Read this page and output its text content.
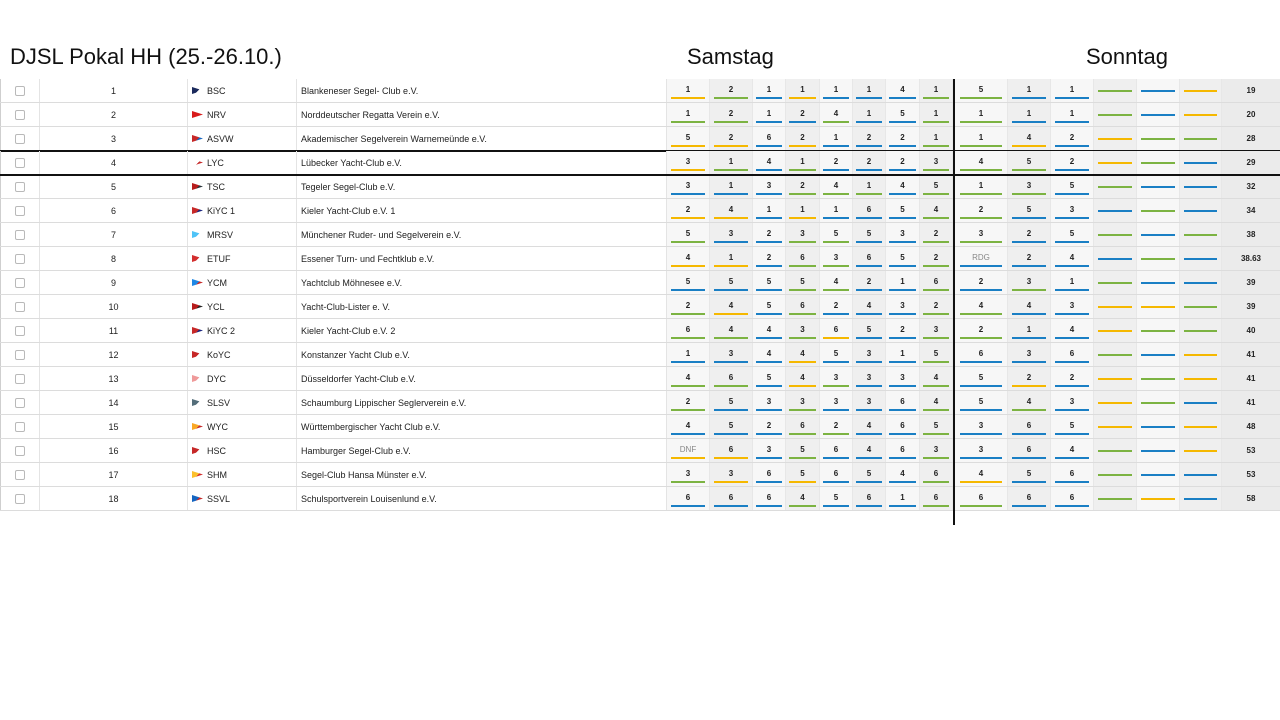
DJSL Pokal HH (25.-26.10.)	Samstag	Sonntag
1	BSC	Blankeneser Segel- Club e.V.	1	2	1	1	1	1	4	1	5	1	1	19
2	NRV	Norddeutscher Regatta Verein e.V.	1	2	1	2	4	1	5	1	1	1	1	20
3	ASVW	Akademischer Segelverein Warnemeünde e.V.	5	2	6	2	1	2	2	1	1	4	2	28
4	LYC	Lübecker Yacht-Club e.V.	3	1	4	1	2	2	2	3	4	5	2	29
5	TSC	Tegeler Segel-Club e.V.	3	1	3	2	4	1	4	5	1	3	5	32
6	KiYC 1	Kieler Yacht-Club e.V. 1	2	4	1	1	1	6	5	4	2	5	3	34
7	MRSV	Münchener Ruder- und Segelverein e.V.	5	3	2	3	5	5	3	2	3	2	5	38
8	ETUF	Essener Turn- und Fechtklub e.V.	4	1	2	6	3	6	5	2	RDG	2	4	38.63
9	YCM	Yachtclub Möhnesee e.V.	5	5	5	5	4	2	1	6	2	3	1	39
10	YCL	Yacht-Club-Lister e. V.	2	4	5	6	2	4	3	2	4	4	3	39
11	KiYC 2	Kieler Yacht-Club e.V. 2	6	4	4	3	6	5	2	3	2	1	4	40
12	KoYC	Konstanzer Yacht Club e.V.	1	3	4	4	5	3	1	5	6	3	6	41
13	DYC	Düsseldorfer Yacht-Club e.V.	4	6	5	4	3	3	3	4	5	2	2	41
14	SLSV	Schaumburg Lippischer Seglerverein e.V.	2	5	3	3	3	3	6	4	5	4	3	41
15	WYC	Württembergischer Yacht Club e.V.	4	5	2	6	2	4	6	5	3	6	5	48
16	HSC	Hamburger Segel-Club e.V.	DNF	6	3	5	6	4	6	3	3	6	4	53
17	SHM	Segel-Club Hansa Münster e.V.	3	3	6	5	6	5	4	6	4	5	6	53
18	SSVL	Schulsportverein Louisenlund e.V.	6	6	6	4	5	6	1	6	6	6	6	58
